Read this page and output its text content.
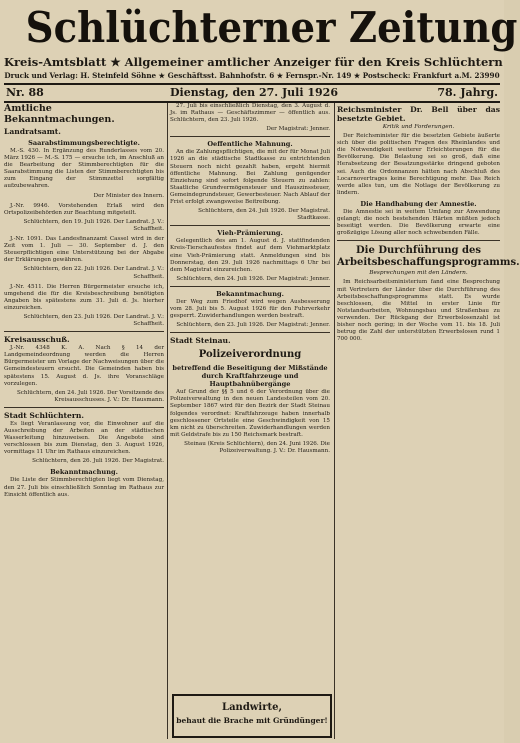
Schlüchterner Zeitung
Kreis-Amtsblatt ★ Allgemeiner amtlicher Anzeiger für den Kreis Schlüchtern
Druck und Verlag: H. Steinfeld Söhne ★ Geschäftsst. Bahnhofstr. 6 ★ Fernspr.-Nr. 149 ★ Postscheck: Frankfurt a.M. 23990
Nr. 88	Dienstag, den 27. Juli 1926	78. Jahrg.
Amtliche Bekanntmachungen.
Landratsamt.
Saarabstimmungsberechtigte.

M.-S. 430. In Ergänzung des Runderlasses vom 20. März 1926 — M.-S. 175 — ersuche ich, im Anschluß an die Bearbeitung der Stimmberechtigten für die Saarabstimmung die Listen der Stimmberechtigten bis zum Eingang der Stimmzettel sorgfältig aufzubewahren.

Der Minister des Innern.

J.-Nr. 9946. Vorstehenden Erlaß wird den Ortspolizeibehörden zur Beachtung mitgeteilt.

Schlüchtern, den 19. Juli 1926. Der Landrat. J. V.: Schaffheit.

J.-Nr. 1091. Das Landesfinanzamt Cassel wird in der Zeit vom 1. Juli — 30. September d. J. den Steuerpflichtigen eine Unterstützung bei der Abgabe der Erklärungen gewähren.

Schlüchtern, den 22. Juli 1926. Der Landrat. J. V.: Schaffheit.

J.-Nr. 4511. Die Herren Bürgermeister ersuche ich, umgehend die für die Kreisbeschreibung benötigten Angaben bis spätestens zum 31. Juli d. Js. hierher einzureichen.

Schlüchtern, den 23. Juli 1926. Der Landrat. J. V.: Schaffheit.
Kreisausschuß.

J.-Nr. 4348 K. A. Nach § 14 der Landgemeindeordnung werden die Herren Bürgermeister um Vorlage der Nachweisungen über die Gemeindesteuern ersucht. Die Gemeinden haben bis spätestens 15. August d. Js. ihre Voranschläge vorzulegen.

Schlüchtern, den 24. Juli 1926. Der Vorsitzende des Kreisausschusses. J. V.: Dr. Hausmann.
Stadt Schlüchtern.

Es liegt Veranlassung vor, die Einwohner auf die Ausschreibung der Arbeiten an der städtischen Wasserleitung hinzuweisen. Die Angebote sind verschlossen bis zum Dienstag, den 3. August 1926, vormittags 11 Uhr im Rathaus einzureichen.

Schlüchtern, den 26. Juli 1926. Der Magistrat.
Bekanntmachung.

Die Liste der Stimmberechtigten liegt vom Dienstag, den 27. Juli bis einschließlich Sonntag im Rathaus zur Einsicht öffentlich aus.

27. Juli bis einschließlich Dienstag, den 3. August d. Js. im Rathaus — Geschäftszimmer — öffentlich aus. Schlüchtern, den 23. Juli 1926.

Der Magistrat: Jenner.
Oeffentliche Mahnung.

An die Zahlungspflichtigen, die mit der für Monat Juli 1926 an die städtische Stadtkasse zu entrichtenden Steuern noch nicht gezahlt haben, ergeht hiermit öffentliche Mahnung. Bei Zahlung genügender Einziehung sind sofort folgende Steuern zu zahlen: Staatliche Grundvermögensteuer und Hauszinssteuer, Gemeindegrundsteuer, Gewerbesteuer. Nach Ablauf der Frist erfolgt zwangsweise Beitreibung.

Schlüchtern, den 24. Juli 1926. Der Magistrat. Stadtkasse.
Vieh-Prämierung.

Gelegentlich des am 1. August d. J. stattfindenden Kreis-Tierschaufestes findet auf dem Viehmarktplatz eine Vieh-Prämierung statt. Anmeldungen sind bis Donnerstag, den 29. Juli 1926 nachmittags 6 Uhr bei dem Magistrat einzureichen.

Schlüchtern, den 24. Juli 1926. Der Magistrat: Jenner.
Bekanntmachung.

Der Weg zum Friedhof wird wegen Ausbesserung vom 28. Juli bis 5. August 1926 für den Fuhrverkehr gesperrt. Zuwiderhandlungen werden bestraft.

Schlüchtern, den 23. Juli 1926. Der Magistrat: Jenner.
Stadt Steinau.
Polizeiverordnung
betreffend die Beseitigung der Mißstände durch Kraftfahrzeuge und Hauptbahnübergänge

Auf Grund der §§ 5 und 6 der Verordnung über die Polizeiverwaltung in den neuen Landesteilen vom 20. September 1867 wird für den Bezirk der Stadt Steinau folgendes verordnet: Kraftfahrzeuge haben innerhalb geschlossener Ortsteile eine Geschwindigkeit von 15 km nicht zu überschreiten. Zuwiderhandlungen werden mit Geldstrafe bis zu 150 Reichsmark bestraft.

Steinau (Kreis Schlüchtern), den 24. Juni 1926. Die Polizeiverwaltung. J. V.: Dr. Hausmann.
Landwirte,
behaut die Brache mit Gründünger!
Reichsminister Dr. Bell über das besetzte Gebiet.
Kritik und Forderungen.

Der Reichsminister für die besetzten Gebiete äußerte sich über die politischen Fragen des Rheinlandes und die Notwendigkeit weiterer Erleichterungen für die Bevölkerung. Die Belastung sei so groß, daß eine Herabsetzung der Besatzungsstärke dringend geboten sei. Auch die Ordonnanzen hätten nach Abschluß des Locarnovertrages keine Berechtigung mehr. Das Reich werde alles tun, um die Notlage der Bevölkerung zu lindern.

Die Handhabung der Amnestie.

Die Amnestie sei in weitem Umfang zur Anwendung gelangt; die noch bestehenden Härten müßten jedoch beseitigt werden. Die Bevölkerung erwarte eine großzügige Lösung aller noch schwebenden Fälle.

Die Durchführung des Arbeitsbeschaffungsprogramms.
Besprechungen mit den Ländern.

Im Reichsarbeitsministerium fand eine Besprechung mit Vertretern der Länder über die Durchführung des Arbeitsbeschaffungsprogramms statt. Es wurde beschlossen, die Mittel in erster Linie für Notstandsarbeiten, Wohnungsbau und Straßenbau zu verwenden. Der Rückgang der Erwerbslosenzahl ist bisher noch gering; in der Woche vom 11. bis 18. Juli betrug die Zahl der unterstützten Erwerbslosen rund 1 700 000.
